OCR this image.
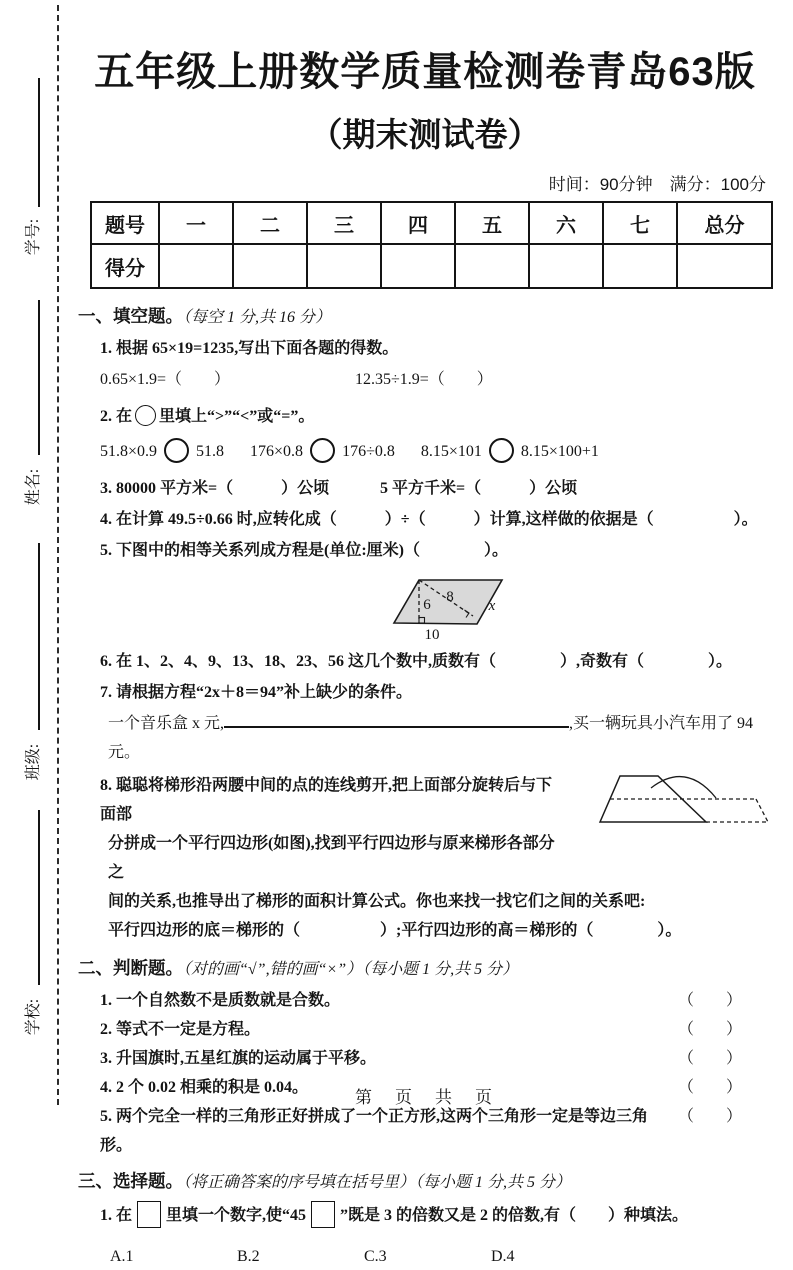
学号:
姓名:
班级:
学校:
五年级上册数学质量检测卷青岛63版
（期末测试卷）
时间：90分钟　满分：100分
题号	一	二	三	四	五	六	七	总分
得分								
一、填空题。（每空 1 分,共 16 分）
1. 根据 65×19=1235,写出下面各题的得数。
0.65×1.9=（　　）	12.35÷1.9=（　　）
2. 在 里填上“>”“<”或“=”。
51.8×0.9 51.8 176×0.8 176÷0.8 8.15×101 8.15×100+1
3. 80000 平方米=（　　　）公顷	5 平方千米=（　　　）公顷
4. 在计算 49.5÷0.66 时,应转化成（　　　）÷（　　　）计算,这样做的依据是（　　　　　）。
5. 下图中的相等关系列成方程是(单位:厘米)（　　　　）。
6 8
x
10
6. 在 1、2、4、9、13、18、23、56 这几个数中,质数有（　　　　）,奇数有（　　　　）。
7. 请根据方程“2x＋8＝94”补上缺少的条件。
一个音乐盒 x 元,	,买一辆玩具小汽车用了 94 元。
8. 聪聪将梯形沿两腰中间的点的连线剪开,把上面部分旋转后与下面部
分拼成一个平行四边形(如图),找到平行四边形与原来梯形各部分之
间的关系,也推导出了梯形的面积计算公式。你也来找一找它们之间的关系吧:
平行四边形的底＝梯形的（　　　　　）;平行四边形的高＝梯形的（　　　　）。
二、判断题。（对的画“√”,错的画“×”）（每小题 1 分,共 5 分）
1. 一个自然数不是质数就是合数。	（　　）
2. 等式不一定是方程。	（　　）
3. 升国旗时,五星红旗的运动属于平移。	（　　）
4. 2 个 0.02 相乘的积是 0.04。	（　　）
5. 两个完全一样的三角形正好拼成了一个正方形,这两个三角形一定是等边三角形。
（　　）
三、选择题。（将正确答案的序号填在括号里）（每小题 1 分,共 5 分）
1. 在 里填一个数字,使“45 ”既是 3 的倍数又是 2 的倍数,有（　　）种填法。
A.1	B.2	C.3	D.4
第　页　共　页
